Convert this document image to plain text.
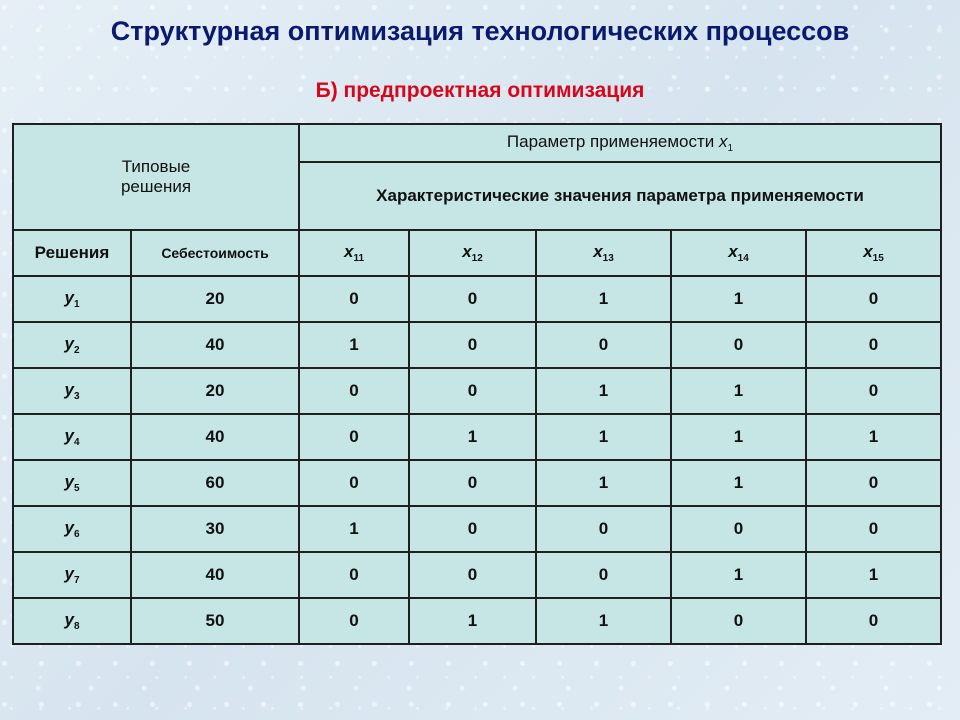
Структурная оптимизация технологических процессов
Б) предпроектная оптимизация
Типовые
решения		Параметр применяемости $x_1$
		Характеристические значения параметра применяемости				
Решения	Себестоимость	$x_{11}$	$x_{12}$	$x_{13}$	$x_{14}$	$x_{15}$
$y_1$	20	0	0	1	1	0
$y_2$	40	1	0	0	0	0
$y_3$	20	0	0	1	1	0
$y_4$	40	0	1	1	1	1
$y_5$	60	0	0	1	1	0
$y_6$	30	1	0	0	0	0
$y_7$	40	0	0	0	1	1
$y_8$	50	0	1	1	0	0
